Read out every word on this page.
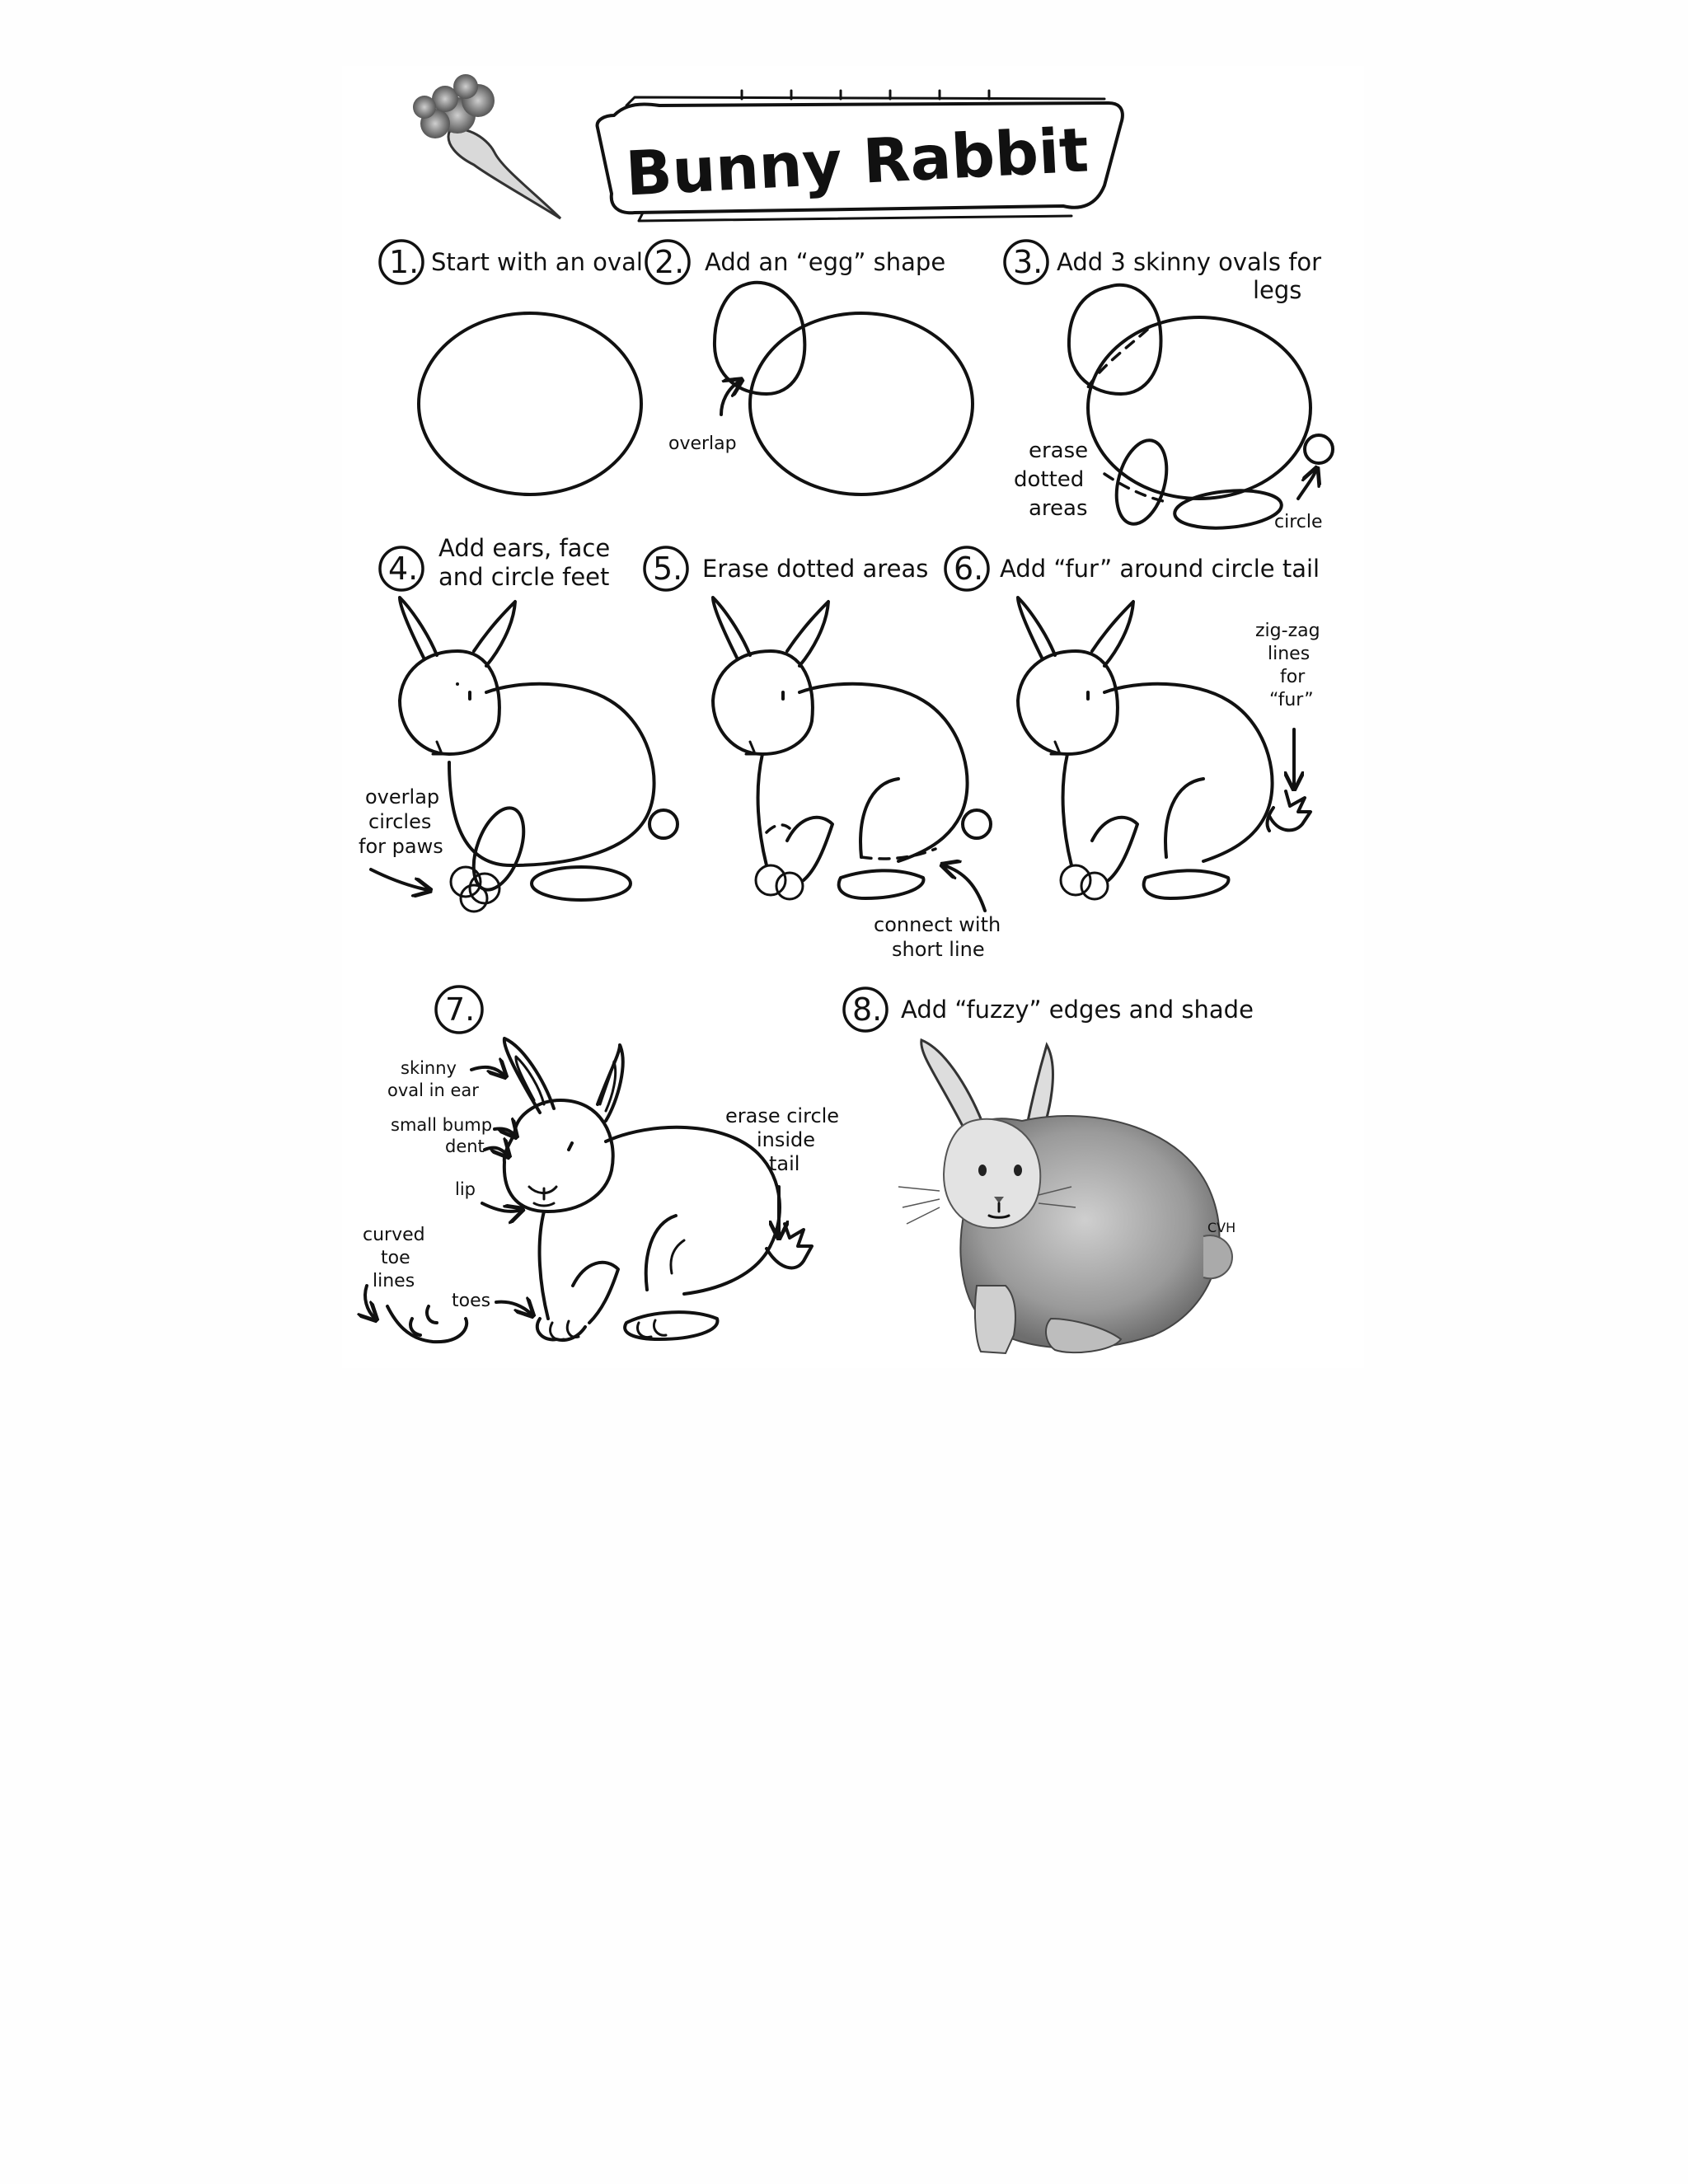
Bunny Rabbit
1. Start with an oval 2. Add an “egg” shape 3. Add 3 skinny ovals for
legs
overlap	erase
dotted
areas
circle
4.
Add ears, face
and circle feet 5. Erase dotted areas 6. Add “fur” around circle tail
overlap
circles
for paws
connect with
short line
zig-zag
lines
for
“fur”
7.	8. Add “fuzzy” edges and shade
skinny
oval in ear
small bump
dent
lip
curved
toe
lines
toes
erase circle
inside
tail
CVH
